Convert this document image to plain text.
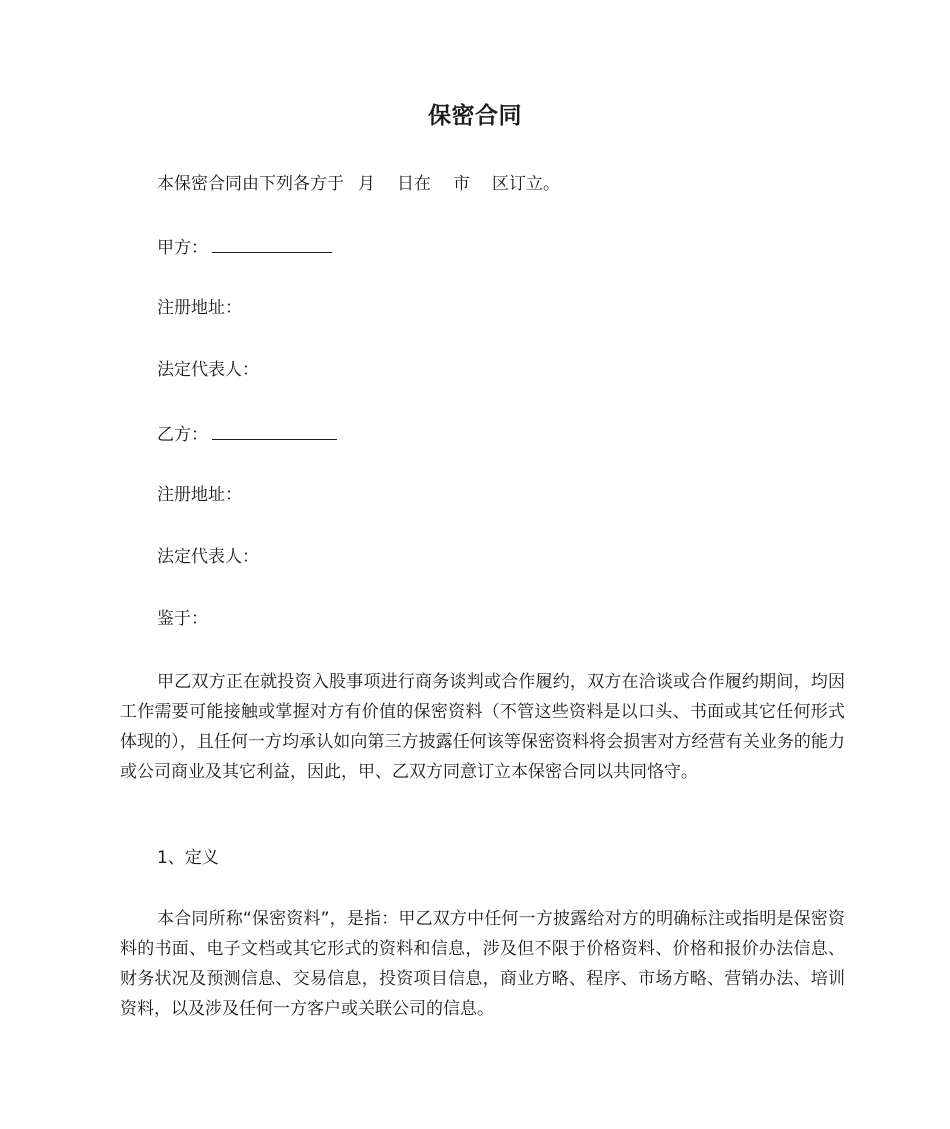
保密合同
本保密合同由下列各方于 月 日在 市 区订立。
甲方：
注册地址：
法定代表人：
乙方：
注册地址：
法定代表人：
鉴于：
甲乙双方正在就投资入股事项进行商务谈判或合作履约，双方在洽谈或合作履约期间，均因工作需要可能接触或掌握对方有价值的保密资料（不管这些资料是以口头、书面或其它任何形式体现的），且任何一方均承认如向第三方披露任何该等保密资料将会损害对方经营有关业务的能力或公司商业及其它利益，因此，甲、乙双方同意订立本保密合同以共同恪守。
1、定义
本合同所称“保密资料”，是指：甲乙双方中任何一方披露给对方的明确标注或指明是保密资料的书面、电子文档或其它形式的资料和信息，涉及但不限于价格资料、价格和报价办法信息、财务状况及预测信息、交易信息，投资项目信息，商业方略、程序、市场方略、营销办法、培训资料，以及涉及任何一方客户或关联公司的信息。
